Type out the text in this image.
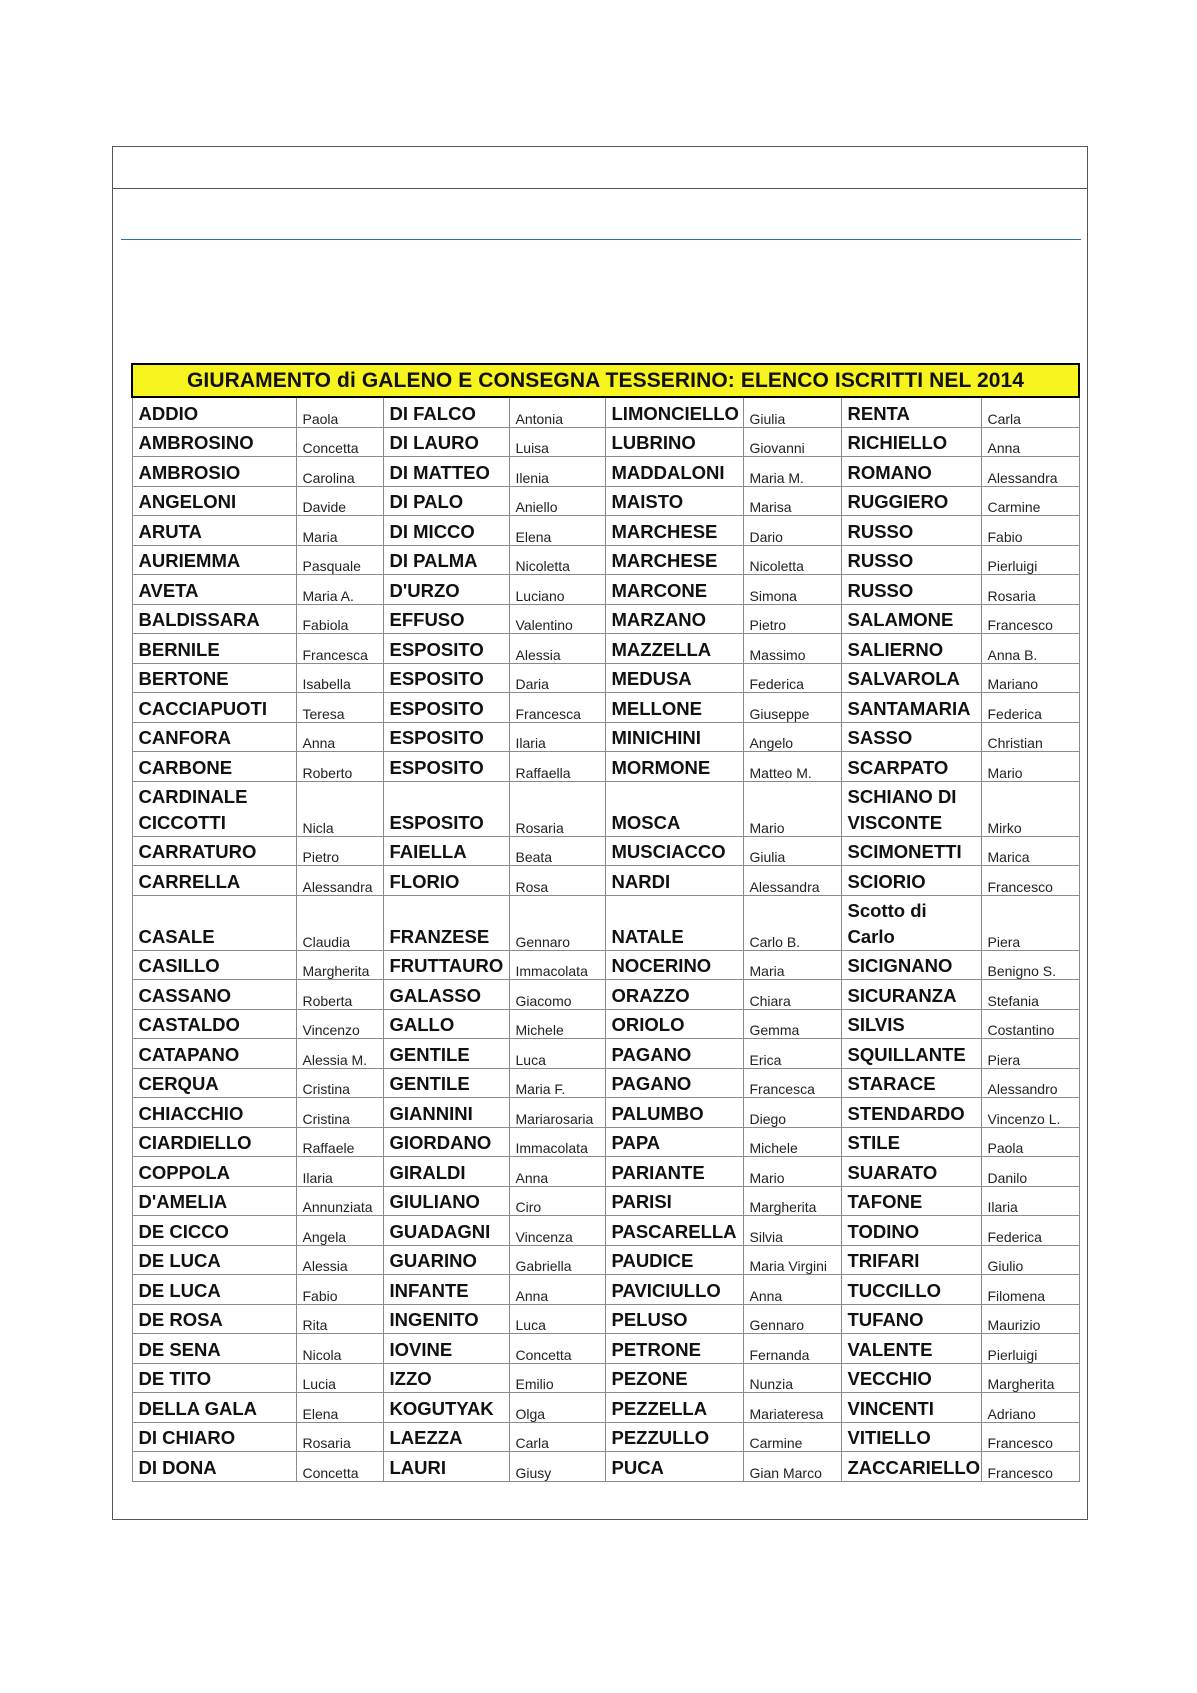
GIURAMENTO di GALENO E CONSEGNA TESSERINO: ELENCO ISCRITTI NEL 2014							
ADDIO	Paola	DI FALCO	Antonia	LIMONCIELLO	Giulia	RENTA	Carla
AMBROSINO	Concetta	DI LAURO	Luisa	LUBRINO	Giovanni	RICHIELLO	Anna
AMBROSIO	Carolina	DI MATTEO	Ilenia	MADDALONI	Maria M.	ROMANO	Alessandra
ANGELONI	Davide	DI PALO	Aniello	MAISTO	Marisa	RUGGIERO	Carmine
ARUTA	Maria	DI MICCO	Elena	MARCHESE	Dario	RUSSO	Fabio
AURIEMMA	Pasquale	DI PALMA	Nicoletta	MARCHESE	Nicoletta	RUSSO	Pierluigi
AVETA	Maria A.	D'URZO	Luciano	MARCONE	Simona	RUSSO	Rosaria
BALDISSARA	Fabiola	EFFUSO	Valentino	MARZANO	Pietro	SALAMONE	Francesco
BERNILE	Francesca	ESPOSITO	Alessia	MAZZELLA	Massimo	SALIERNO	Anna B.
BERTONE	Isabella	ESPOSITO	Daria	MEDUSA	Federica	SALVAROLA	Mariano
CACCIAPUOTI	Teresa	ESPOSITO	Francesca	MELLONE	Giuseppe	SANTAMARIA	Federica
CANFORA	Anna	ESPOSITO	Ilaria	MINICHINI	Angelo	SASSO	Christian
CARBONE	Roberto	ESPOSITO	Raffaella	MORMONE	Matteo M.	SCARPATO	Mario

CARDINALE CICCOTTI	Nicla	ESPOSITO	Rosaria	MOSCA	Mario	SCHIANO DI VISCONTE	Mirko
CARRATURO	Pietro	FAIELLA	Beata	MUSCIACCO	Giulia	SCIMONETTI	Marica
CARRELLA	Alessandra	FLORIO	Rosa	NARDI	Alessandra	SCIORIO	Francesco

CASALE	Claudia	FRANZESE	Gennaro	NATALE	Carlo B.	Scotto di Carlo	Piera
CASILLO	Margherita	FRUTTAURO	Immacolata	NOCERINO	Maria	SICIGNANO	Benigno S.
CASSANO	Roberta	GALASSO	Giacomo	ORAZZO	Chiara	SICURANZA	Stefania
CASTALDO	Vincenzo	GALLO	Michele	ORIOLO	Gemma	SILVIS	Costantino
CATAPANO	Alessia M.	GENTILE	Luca	PAGANO	Erica	SQUILLANTE	Piera
CERQUA	Cristina	GENTILE	Maria F.	PAGANO	Francesca	STARACE	Alessandro
CHIACCHIO	Cristina	GIANNINI	Mariarosaria	PALUMBO	Diego	STENDARDO	Vincenzo L.
CIARDIELLO	Raffaele	GIORDANO	Immacolata	PAPA	Michele	STILE	Paola
COPPOLA	Ilaria	GIRALDI	Anna	PARIANTE	Mario	SUARATO	Danilo
D'AMELIA	Annunziata	GIULIANO	Ciro	PARISI	Margherita	TAFONE	Ilaria
DE CICCO	Angela	GUADAGNI	Vincenza	PASCARELLA	Silvia	TODINO	Federica
DE LUCA	Alessia	GUARINO	Gabriella	PAUDICE	Maria Virgini	TRIFARI	Giulio
DE LUCA	Fabio	INFANTE	Anna	PAVICIULLO	Anna	TUCCILLO	Filomena
DE ROSA	Rita	INGENITO	Luca	PELUSO	Gennaro	TUFANO	Maurizio
DE SENA	Nicola	IOVINE	Concetta	PETRONE	Fernanda	VALENTE	Pierluigi
DE TITO	Lucia	IZZO	Emilio	PEZONE	Nunzia	VECCHIO	Margherita
DELLA GALA	Elena	KOGUTYAK	Olga	PEZZELLA	Mariateresa	VINCENTI	Adriano
DI CHIARO	Rosaria	LAEZZA	Carla	PEZZULLO	Carmine	VITIELLO	Francesco
DI DONA	Concetta	LAURI	Giusy	PUCA	Gian Marco	ZACCARIELLO	Francesco
